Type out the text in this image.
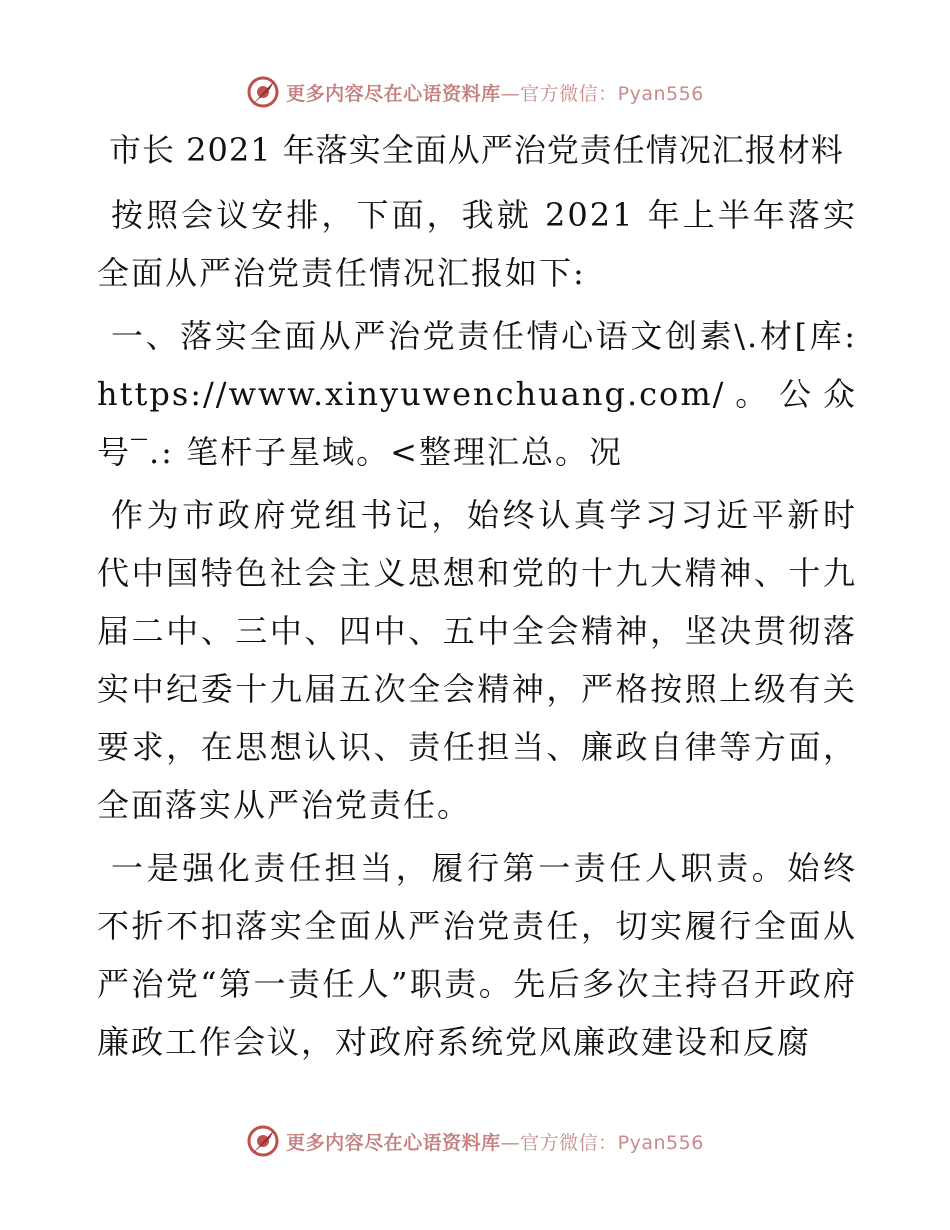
更多内容尽在心语资料库—官方微信：Pyan556
市长 2021 年落实全面从严治党责任情况汇报材料

按照会议安排，下面，我就 2021 年上半年落实全面从严治党责任情况汇报如下:

一、落实全面从严治党责任情心语文创素\.材[库: https://www.xinyuwenchuang.com/。公众号‾.: 笔杆子星域。<整理汇总。况

作为市政府党组书记，始终认真学习习近平新时代中国特色社会主义思想和党的十九大精神、十九届二中、三中、四中、五中全会精神，坚决贯彻落实中纪委十九届五次全会精神，严格按照上级有关要求，在思想认识、责任担当、廉政自律等方面，全面落实从严治党责任。

一是强化责任担当，履行第一责任人职责。始终不折不扣落实全面从严治党责任，切实履行全面从严治党“第一责任人”职责。先后多次主持召开政府廉政工作会议，对政府系统党风廉政建设和反腐

更多内容尽在心语资料库—官方微信：Pyan556
